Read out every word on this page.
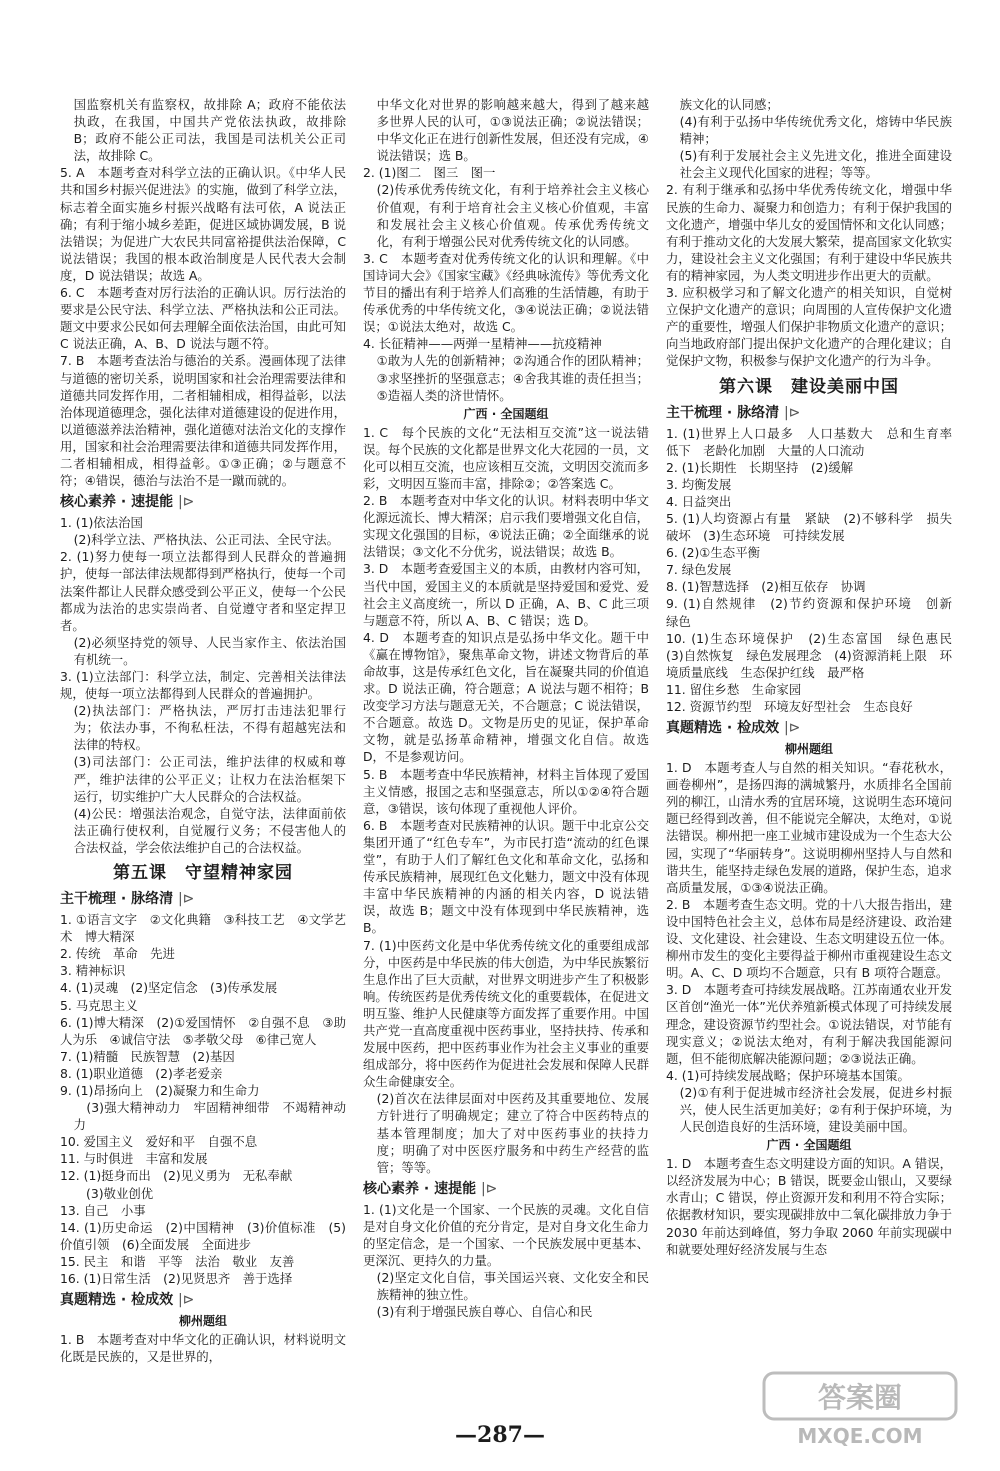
国监察机关有监察权，故排除 A；政府不能依法执政，在我国，中国共产党依法执政，故排除 B；政府不能公正司法，我国是司法机关公正司法，故排除 C。

5. A　本题考查对科学立法的正确认识。《中华人民共和国乡村振兴促进法》的实施，做到了科学立法，标志着全面实施乡村振兴战略有法可依，A 说法正确；有利于缩小城乡差距，促进区域协调发展，B 说法错误；为促进广大农民共同富裕提供法治保障，C 说法错误；我国的根本政治制度是人民代表大会制度，D 说法错误；故选 A。

6. C　本题考查对厉行法治的正确认识。厉行法治的要求是公民守法、科学立法、严格执法和公正司法。题文中要求公民如何去理解全面依法治国，由此可知 C 说法正确，A、B、D 说法与题不符。

7. B　本题考查法治与德治的关系。漫画体现了法律与道德的密切关系，说明国家和社会治理需要法律和道德共同发挥作用，二者相辅相成，相得益彰，以法治体现道德理念，强化法律对道德建设的促进作用，以道德滋养法治精神，强化道德对法治文化的支撑作用，国家和社会治理需要法律和道德共同发挥作用，二者相辅相成，相得益彰。①③正确；②与题意不符；④错误，德治与法治不是一蹴而就的。

核心素养 · 速提能 |⊳

1. (1)依法治国

(2)科学立法、严格执法、公正司法、全民守法。

2. (1)努力使每一项立法都得到人民群众的普遍拥护，使每一部法律法规都得到严格执行，使每一个司法案件都让人民群众感受到公平正义，使每一个公民都成为法治的忠实崇尚者、自觉遵守者和坚定捍卫者。

(2)必须坚持党的领导、人民当家作主、依法治国有机统一。

3. (1)立法部门：科学立法，制定、完善相关法律法规，使每一项立法都得到人民群众的普遍拥护。

(2)执法部门：严格执法，严厉打击违法犯罪行为；依法办事，不徇私枉法，不得有超越宪法和法律的特权。

(3)司法部门：公正司法，维护法律的权威和尊严，维护法律的公平正义；让权力在法治框架下运行，切实维护广大人民群众的合法权益。

(4)公民：增强法治观念，自觉守法，法律面前依法正确行使权利，自觉履行义务；不侵害他人的合法权益，学会依法维护自己的合法权益。

第五课　守望精神家园
主干梳理 · 脉络清 |⊳

1. ①语言文字　②文化典籍　③科技工艺　④文学艺术　博大精深

2. 传统　革命　先进

3. 精神标识

4. (1)灵魂　(2)坚定信念　(3)传承发展

5. 马克思主义

6. (1)博大精深　(2)①爱国情怀　②自强不息　③助人为乐　④诚信守法　⑤孝敬父母　⑥律己宽人

7. (1)精髓　民族智慧　(2)基因

8. (1)职业道德　(2)孝老爱亲

9. (1)昂扬向上　(2)凝聚力和生命力

　(3)强大精神动力　牢固精神细带　不竭精神动力

10. 爱国主义　爱好和平　自强不息

11. 与时俱进　丰富和发展

12. (1)挺身而出　(2)见义勇为　无私奉献

　(3)敬业创优

13. 自己　小事

14. (1)历史命运　(2)中国精神　(3)价值标准　(5)价值引领　(6)全面发展　全面进步

15. 民主　和谐　平等　法治　敬业　友善

16. (1)日常生活　(2)见贤思齐　善于选择

真题精选 · 检成效 |⊳
柳州题组

1. B　本题考查对中华文化的正确认识，材料说明文化既是民族的，又是世界的，

中华文化对世界的影响越来越大，得到了越来越多世界人民的认可，①③说法正确；②说法错误；中华文化正在进行创新性发展，但还没有完成，④说法错误；选 B。

2. (1)图二　图三　图一

(2)传承优秀传统文化，有利于培养社会主义核心价值观，有利于培育社会主义核心价值观，丰富和发展社会主义核心价值观。传承优秀传统文化，有利于增强公民对优秀传统文化的认同感。

3. C　本题考查对优秀传统文化的认识和理解。《中国诗词大会》《国家宝藏》《经典咏流传》等优秀文化节目的播出有利于培养人们高雅的生活情趣，有助于传承优秀的中华传统文化，③④说法正确；②说法错误；①说法太绝对，故选 C。

4. 长征精神——两弹一星精神——抗疫精神

①敢为人先的创新精神；②沟通合作的团队精神；③求坚挫折的坚强意志；④舍我其谁的责任担当；⑤造福人类的济世情怀。

广西 · 全国题组

1. C　每个民族的文化“无法相互交流”这一说法错误。每个民族的文化都是世界文化大花园的一员，文化可以相互交流，也应该相互交流，文明因交流而多彩，文明因互鉴而丰富，排除②；②答案选 C。

2. B　本题考查对中华文化的认识。材料表明中华文化源远流长、博大精深；启示我们要增强文化自信，实现文化强国的目标，④说法正确；②全面继承的说法错误；③文化不分优劣，说法错误；故选 B。

3. D　本题考查爱国主义的本质，由教材内容可知，当代中国，爱国主义的本质就是坚持爱国和爱党、爱社会主义高度统一，所以 D 正确，A、B、C 此三项与题意不符，所以 A、B、C 错误；选 D。

4. D　本题考查的知识点是弘扬中华文化。题干中《赢在博物馆》，聚焦革命文物，讲述文物背后的革命故事，这是传承红色文化，旨在凝聚共同的价值追求。D 说法正确，符合题意；A 说法与题不相符；B 改变学习方法与题意无关，不合题意；C 说法错误，不合题意。故选 D。文物是历史的见证，保护革命文物，就是弘扬革命精神，增强文化自信。故选 D，不是参观访问。

5. B　本题考查中华民族精神，材料主旨体现了爱国主义情感，报国之志和坚强意志，所以①②④符合题意，③错误，该句体现了重视他人评价。

6. B　本题考查对民族精神的认识。题干中北京公交集团开通了“红色专车”，为市民打造“流动的红色课堂”，有助于人们了解红色文化和革命文化，弘扬和传承民族精神，展现红色文化魅力，题文中没有体现丰富中华民族精神的内涵的相关内容，D 说法错误，故选 B；题文中没有体现到中华民族精神，选 B。

7. (1)中医药文化是中华优秀传统文化的重要组成部分，中医药是中华民族的伟大创造，为中华民族繁衍生息作出了巨大贡献，对世界文明进步产生了积极影响。传统医药是优秀传统文化的重要载体，在促进文明互鉴、维护人民健康等方面发挥了重要作用。中国共产党一直高度重视中医药事业，坚持扶持、传承和发展中医药，把中医药事业作为社会主义事业的重要组成部分，将中医药作为促进社会发展和保障人民群众生命健康安全。

(2)首次在法律层面对中医药及其重要地位、发展方针进行了明确规定；建立了符合中医药特点的基本管理制度；加大了对中医药事业的扶持力度；明确了对中医医疗服务和中药生产经营的监管；等等。

核心素养 · 速提能 |⊳

1. (1)文化是一个国家、一个民族的灵魂。文化自信是对自身文化价值的充分肯定，是对自身文化生命力的坚定信念，是一个国家、一个民族发展中更基本、更深沉、更持久的力量。

(2)坚定文化自信，事关国运兴衰、文化安全和民族精神的独立性。

(3)有利于增强民族自尊心、自信心和民

族文化的认同感；

(4)有利于弘扬中华传统优秀文化，熔铸中华民族精神；

(5)有利于发展社会主义先进文化，推进全面建设社会主义现代化国家的进程；等等。

2. 有利于继承和弘扬中华优秀传统文化，增强中华民族的生命力、凝聚力和创造力；有利于保护我国的文化遗产，增强中华儿女的爱国情怀和文化认同感；有利于推动文化的大发展大繁荣，提高国家文化软实力，建设社会主义文化强国；有利于建设中华民族共有的精神家园，为人类文明进步作出更大的贡献。

3. 应积极学习和了解文化遗产的相关知识，自觉树立保护文化遗产的意识；向周围的人宣传保护文化遗产的重要性，增强人们保护非物质文化遗产的意识；向当地政府部门提出保护文化遗产的合理化建议；自觉保护文物，积极参与保护文化遗产的行为斗争。

第六课　建设美丽中国
主干梳理 · 脉络清 |⊳

1. (1)世界上人口最多　人口基数大　总和生育率　低下　老龄化加剧　大量的人口流动

2. (1)长期性　长期坚持　(2)缓解

3. 均衡发展

4. 日益突出

5. (1)人均资源占有量　紧缺　(2)不够科学　损失　破坏　(3)生态环境　可持续发展

6. (2)①生态平衡

7. 绿色发展

8. (1)智慧选择　(2)相互依存　协调

9. (1)自然规律　(2)节约资源和保护环境　创新　绿色

10. (1)生态环境保护　(2)生态富国　绿色惠民　(3)自然恢复　绿色发展理念　(4)资源消耗上限　环境质量底线　生态保护红线　最严格

11. 留住乡愁　生命家园

12. 资源节约型　环境友好型社会　生态良好

真题精选 · 检成效 |⊳
柳州题组

1. D　本题考查人与自然的相关知识。“春花秋水，画卷柳州”，是扬四海的满城繁丹，水质排名全国前列的柳江，山清水秀的宜居环境，这说明生态环境问题已经得到改善，但不能说完全解决，太绝对，①说法错误。柳州把一座工业城市建设成为一个生态大公园，实现了“华丽转身”。这说明柳州坚持人与自然和谐共生，能坚持走绿色发展的道路，保护生态，追求高质量发展，①③④说法正确。

2. B　本题考查生态文明。党的十八大报告指出，建设中国特色社会主义，总体布局是经济建设、政治建设、文化建设、社会建设、生态文明建设五位一体。柳州市发生的变化主要得益于柳州市重视建设生态文明。A、C、D 项均不合题意，只有 B 项符合题意。

3. D　本题考查可持续发展战略。江苏南通农业开发区首创“渔光一体”光伏养殖新模式体现了可持续发展理念，建设资源节约型社会。①说法错误，对节能有现实意义；②说法太绝对，有利于解决我国能源问题，但不能彻底解决能源问题；②③说法正确。

4. (1)可持续发展战略；保护环境基本国策。

(2)①有利于促进城市经济社会发展，促进乡村振兴，使人民生活更加美好；②有利于保护环境，为人民创造良好的生活环境，建设美丽中国。

广西 · 全国题组

1. D　本题考查生态文明建设方面的知识。A 错误，以经济发展为中心；B 错误，既要金山银山，又要绿水青山；C 错误，停止资源开发和利用不符合实际；依据教材知识，要实现碳排放中二氧化碳排放力争于 2030 年前达到峰值，努力争取 2060 年前实现碳中和就要处理好经济发展与生态

—287—
答案圈
MXQE.COM
